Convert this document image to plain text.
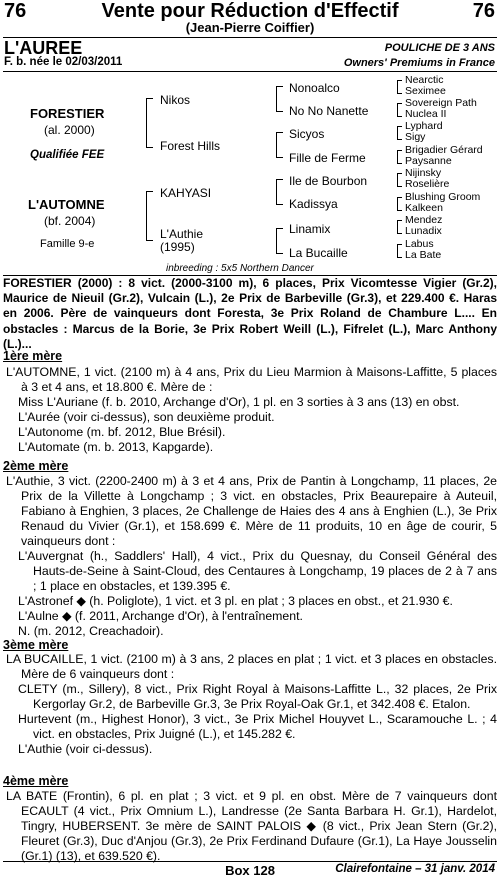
76	Vente pour Réduction d'Effectif	76
(Jean-Pierre Coiffier)
L'AUREE	POULICHE DE 3 ANS
F. b. née le 02/03/2011	Owners' Premiums in France
FORESTIER
(al. 2000)
Qualifiée FEE
L'AUTOMNE
(bf. 2004)
Famille 9-e
Nikos
Forest Hills
KAHYASI
L'Authie
(1995)
Nonoalco
No No Nanette
Sicyos
Fille de Ferme
Ile de Bourbon
Kadissya
Linamix
La Bucaille
Nearctic
Seximee
Sovereign Path
Nuclea II
Lyphard
Sigy
Brigadier Gérard
Paysanne
Nijinsky
Roselière
Blushing Groom
Kalkeen
Mendez
Lunadix
Labus
La Bate
inbreeding : 5x5 Northern Dancer
FORESTIER (2000) : 8 vict. (2000-3100 m), 6 places, Prix Vicomtesse Vigier (Gr.2), Maurice de Nieuil (Gr.2), Vulcain (L.), 2e Prix de Barbeville (Gr.3), et 229.400 €. Haras en 2006. Père de vainqueurs dont Foresta, 3e Prix Roland de Chambure L.... En obstacles : Marcus de la Borie, 3e Prix Robert Weill (L.), Fifrelet (L.), Marc Anthony (L.)...
1ère mère

L'AUTOMNE, 1 vict. (2100 m) à 4 ans, Prix du Lieu Marmion à Maisons-Laffitte, 5 places à 3 et 4 ans, et 18.800 €. Mère de :

Miss L'Auriane (f. b. 2010, Archange d'Or), 1 pl. en 3 sorties à 3 ans (13) en obst.

L'Aurée (voir ci-dessus), son deuxième produit.

L'Autonome (m. bf. 2012, Blue Brésil).

L'Automate (m. b. 2013, Kapgarde).

2ème mère

L'Authie, 3 vict. (2200-2400 m) à 3 et 4 ans, Prix de Pantin à Longchamp, 11 places, 2e Prix de la Villette à Longchamp ; 3 vict. en obstacles, Prix Beaurepaire à Auteuil, Fabiano à Enghien, 3 places, 2e Challenge de Haies des 4 ans à Enghien (L.), 3e Prix Renaud du Vivier (Gr.1), et 158.699 €. Mère de 11 produits, 10 en âge de courir, 5 vainqueurs dont :

L'Auvergnat (h., Saddlers' Hall), 4 vict., Prix du Quesnay, du Conseil Général des Hauts-de-Seine à Saint-Cloud, des Centaures à Longchamp, 19 places de 2 à 7 ans ; 1 place en obstacles, et 139.395 €.

L'Astronef ◆ (h. Poliglote), 1 vict. et 3 pl. en plat ; 3 places en obst., et 21.930 €.

L'Aulne ◆ (f. 2011, Archange d'Or), à l'entraînement.

N. (m. 2012, Creachadoir).

3ème mère

LA BUCAILLE, 1 vict. (2100 m) à 3 ans, 2 places en plat ; 1 vict. et 3 places en obstacles. Mère de 6 vainqueurs dont :

CLETY (m., Sillery), 8 vict., Prix Right Royal à Maisons-Laffitte L., 32 places, 2e Prix Kergorlay Gr.2, de Barbeville Gr.3, 3e Prix Royal-Oak Gr.1, et 342.408 €. Etalon.

Hurtevent (m., Highest Honor), 3 vict., 3e Prix Michel Houyvet L., Scaramouche L. ; 4 vict. en obstacles, Prix Juigné (L.), et 145.282 €.

L'Authie (voir ci-dessus).

4ème mère

LA BATE (Frontin), 6 pl. en plat ; 3 vict. et 9 pl. en obst. Mère de 7 vainqueurs dont ECAULT (4 vict., Prix Omnium L.), Landresse (2e Santa Barbara H. Gr.1), Hardelot, Tingry, HUBERSENT. 3e mère de SAINT PALOIS ◆ (8 vict., Prix Jean Stern (Gr.2), Fleuret (Gr.3), Duc d'Anjou (Gr.3), 2e Prix Ferdinand Dufaure (Gr.1), La Haye Jousselin (Gr.1) (13), et 639.520 €).

Box 128	Clairefontaine – 31 janv. 2014
